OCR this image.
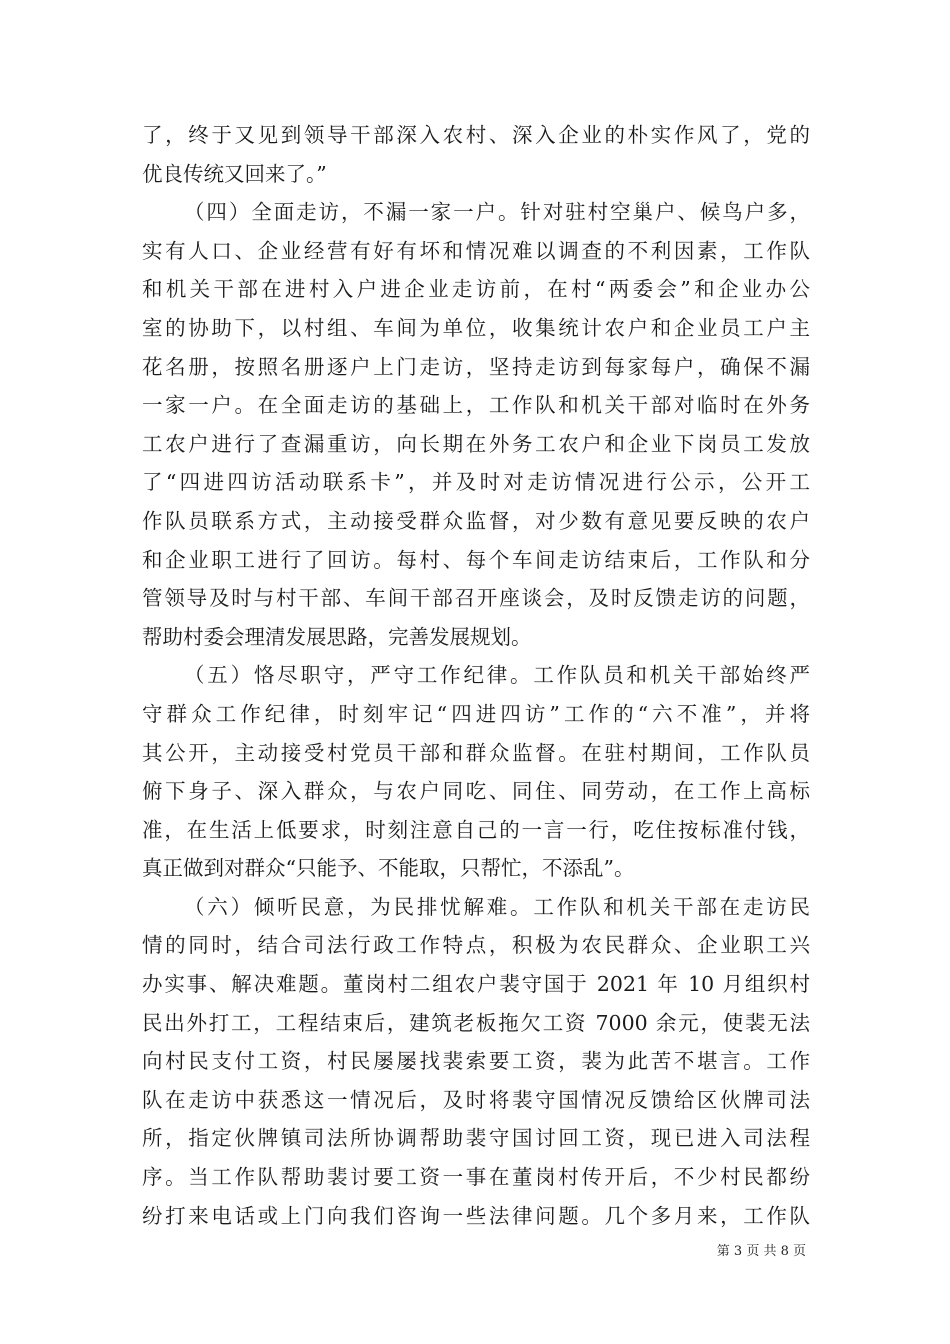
了，终于又见到领导干部深入农村、深入企业的朴实作风了，党的
优良传统又回来了。”
（四）全面走访，不漏一家一户。针对驻村空巢户、候鸟户多，
实有人口、企业经营有好有坏和情况难以调查的不利因素，工作队
和机关干部在进村入户进企业走访前，在村“两委会”和企业办公
室的协助下，以村组、车间为单位，收集统计农户和企业员工户主
花名册，按照名册逐户上门走访，坚持走访到每家每户，确保不漏
一家一户。在全面走访的基础上，工作队和机关干部对临时在外务
工农户进行了查漏重访，向长期在外务工农户和企业下岗员工发放
了“四进四访活动联系卡”，并及时对走访情况进行公示，公开工
作队员联系方式，主动接受群众监督，对少数有意见要反映的农户
和企业职工进行了回访。每村、每个车间走访结束后，工作队和分
管领导及时与村干部、车间干部召开座谈会，及时反馈走访的问题，
帮助村委会理清发展思路，完善发展规划。
（五）恪尽职守，严守工作纪律。工作队员和机关干部始终严
守群众工作纪律，时刻牢记“四进四访”工作的“六不准”，并将
其公开，主动接受村党员干部和群众监督。在驻村期间，工作队员
俯下身子、深入群众，与农户同吃、同住、同劳动，在工作上高标
准，在生活上低要求，时刻注意自己的一言一行，吃住按标准付钱，
真正做到对群众“只能予、不能取，只帮忙，不添乱”。
（六）倾听民意，为民排忧解难。工作队和机关干部在走访民
情的同时，结合司法行政工作特点，积极为农民群众、企业职工兴
办实事、解决难题。董岗村二组农户裴守国于 2021 年 10 月组织村
民出外打工，工程结束后，建筑老板拖欠工资 7000 余元，使裴无法
向村民支付工资，村民屡屡找裴索要工资，裴为此苦不堪言。工作
队在走访中获悉这一情况后，及时将裴守国情况反馈给区伙牌司法
所，指定伙牌镇司法所协调帮助裴守国讨回工资，现已进入司法程
序。当工作队帮助裴讨要工资一事在董岗村传开后，不少村民都纷
纷打来电话或上门向我们咨询一些法律问题。几个多月来，工作队
第 3 页 共 8 页
